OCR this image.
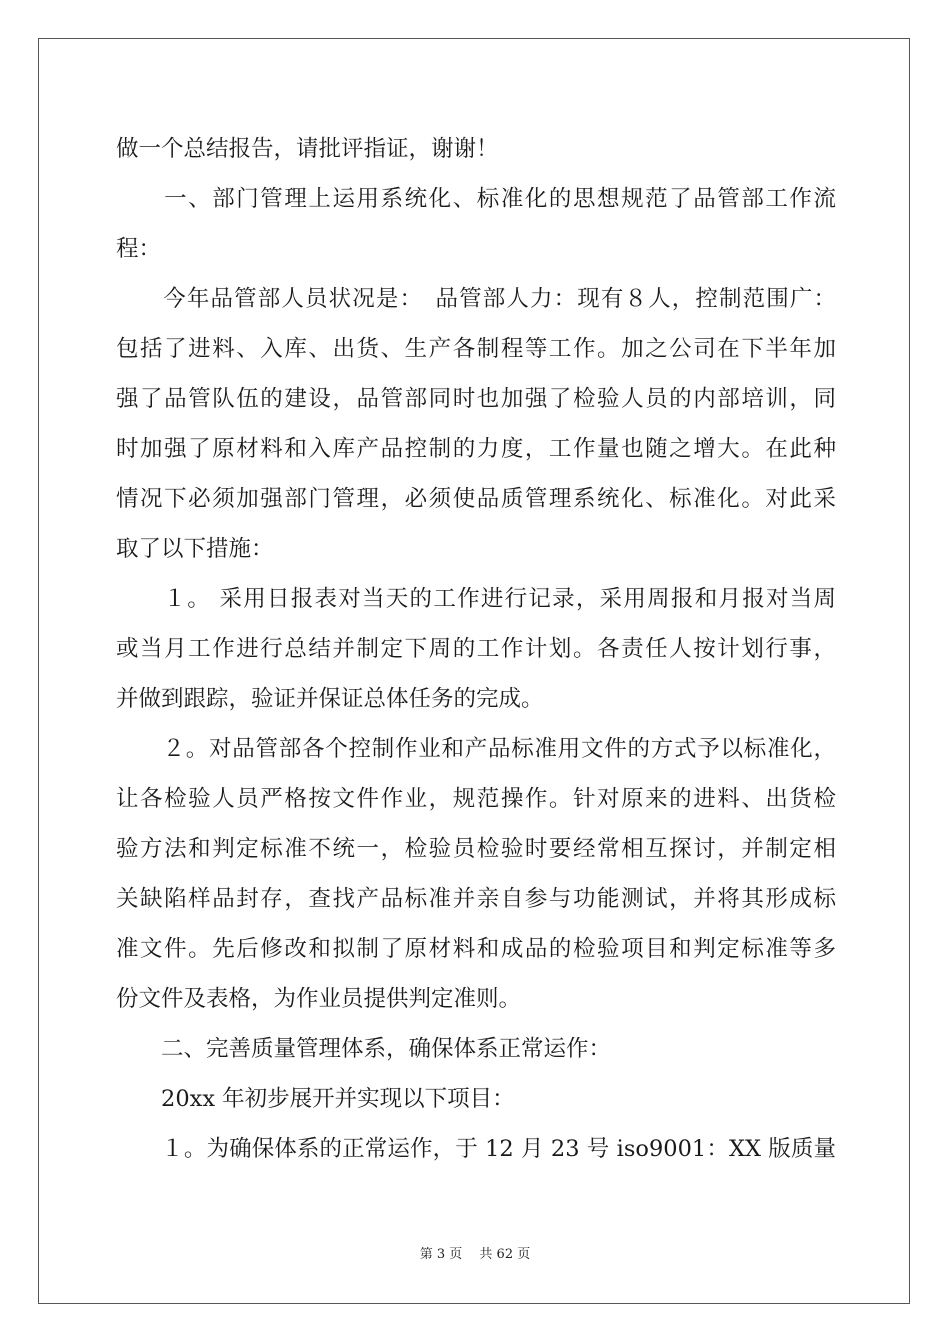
做一个总结报告，请批评指证，谢谢！
　　一、部门管理上运用系统化、标准化的思想规范了品管部工作流
程：
　　今年品管部人员状况是：　品管部人力：现有８人，控制范围广：
包括了进料、入库、出货、生产各制程等工作。加之公司在下半年加
强了品管队伍的建设，品管部同时也加强了检验人员的内部培训，同
时加强了原材料和入库产品控制的力度，工作量也随之增大。在此种
情况下必须加强部门管理，必须使品质管理系统化、标准化。对此采
取了以下措施：
　　１。 采用日报表对当天的工作进行记录，采用周报和月报对当周
或当月工作进行总结并制定下周的工作计划。各责任人按计划行事，
并做到跟踪，验证并保证总体任务的完成。
　　２。对品管部各个控制作业和产品标准用文件的方式予以标准化，
让各检验人员严格按文件作业，规范操作。针对原来的进料、出货检
验方法和判定标准不统一，检验员检验时要经常相互探讨，并制定相
关缺陷样品封存，查找产品标准并亲自参与功能测试，并将其形成标
准文件。先后修改和拟制了原材料和成品的检验项目和判定标准等多
份文件及表格，为作业员提供判定准则。
　　二、完善质量管理体系，确保体系正常运作：
　　20xx 年初步展开并实现以下项目：
　　１。为确保体系的正常运作，于 12 月 23 号 iso9001：XX 版质量
第 3 页　 共 62 页
